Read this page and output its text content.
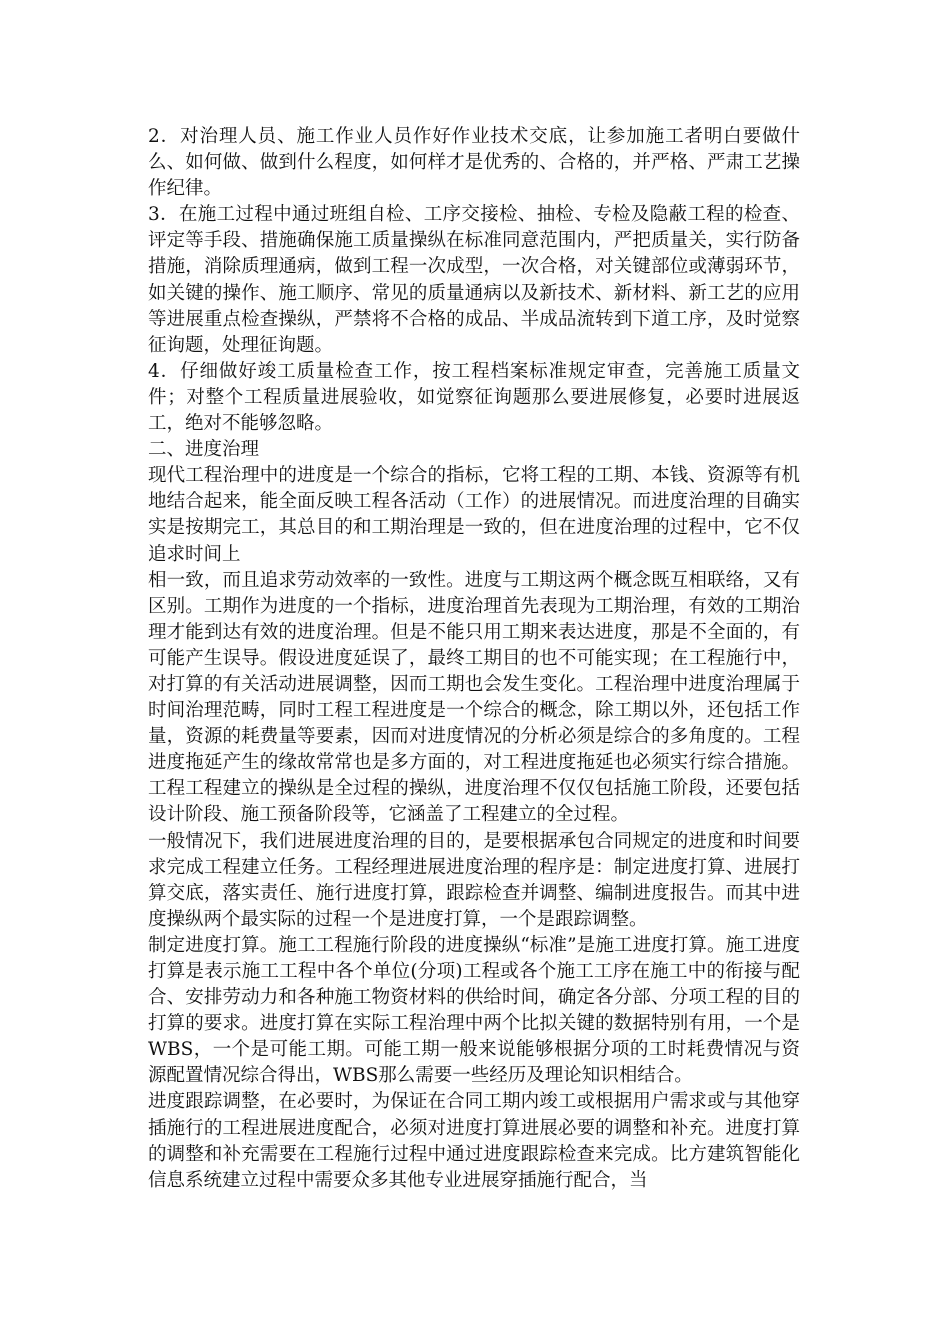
2．对治理人员、施工作业人员作好作业技术交底，让参加施工者明白要做什么、如何做、做到什么程度，如何样才是优秀的、合格的，并严格、严肃工艺操作纪律。

3．在施工过程中通过班组自检、工序交接检、抽检、专检及隐蔽工程的检查、评定等手段、措施确保施工质量操纵在标准同意范围内，严把质量关，实行防备措施，消除质理通病，做到工程一次成型，一次合格，对关键部位或薄弱环节，如关键的操作、施工顺序、常见的质量通病以及新技术、新材料、新工艺的应用等进展重点检查操纵，严禁将不合格的成品、半成品流转到下道工序，及时觉察征询题，处理征询题。

4．仔细做好竣工质量检查工作，按工程档案标准规定审查，完善施工质量文件；对整个工程质量进展验收，如觉察征询题那么要进展修复，必要时进展返工，绝对不能够忽略。

二、进度治理

现代工程治理中的进度是一个综合的指标，它将工程的工期、本钱、资源等有机地结合起来，能全面反映工程各活动（工作）的进展情况。而进度治理的目确实实是按期完工，其总目的和工期治理是一致的，但在进度治理的过程中，它不仅追求时间上

相一致，而且追求劳动效率的一致性。进度与工期这两个概念既互相联络，又有区别。工期作为进度的一个指标，进度治理首先表现为工期治理，有效的工期治理才能到达有效的进度治理。但是不能只用工期来表达进度，那是不全面的，有可能产生误导。假设进度延误了，最终工期目的也不可能实现；在工程施行中，对打算的有关活动进展调整，因而工期也会发生变化。工程治理中进度治理属于时间治理范畴，同时工程工程进度是一个综合的概念，除工期以外，还包括工作量，资源的耗费量等要素，因而对进度情况的分析必须是综合的多角度的。工程进度拖延产生的缘故常常也是多方面的，对工程进度拖延也必须实行综合措施。工程工程建立的操纵是全过程的操纵，进度治理不仅仅包括施工阶段，还要包括设计阶段、施工预备阶段等，它涵盖了工程建立的全过程。

一般情况下，我们进展进度治理的目的，是要根据承包合同规定的进度和时间要求完成工程建立任务。工程经理进展进度治理的程序是：制定进度打算、进展打算交底，落实责任、施行进度打算，跟踪检查并调整、编制进度报告。而其中进度操纵两个最实际的过程一个是进度打算，一个是跟踪调整。

制定进度打算。施工工程施行阶段的进度操纵“标准”是施工进度打算。施工进度打算是表示施工工程中各个单位(分项)工程或各个施工工序在施工中的衔接与配合、安排劳动力和各种施工物资材料的供给时间，确定各分部、分项工程的目的打算的要求。进度打算在实际工程治理中两个比拟关键的数据特别有用，一个是WBS，一个是可能工期。可能工期一般来说能够根据分项的工时耗费情况与资源配置情况综合得出，WBS那么需要一些经历及理论知识相结合。

进度跟踪调整，在必要时，为保证在合同工期内竣工或根据用户需求或与其他穿插施行的工程进展进度配合，必须对进度打算进展必要的调整和补充。进度打算的调整和补充需要在工程施行过程中通过进度跟踪检查来完成。比方建筑智能化信息系统建立过程中需要众多其他专业进展穿插施行配合，当
